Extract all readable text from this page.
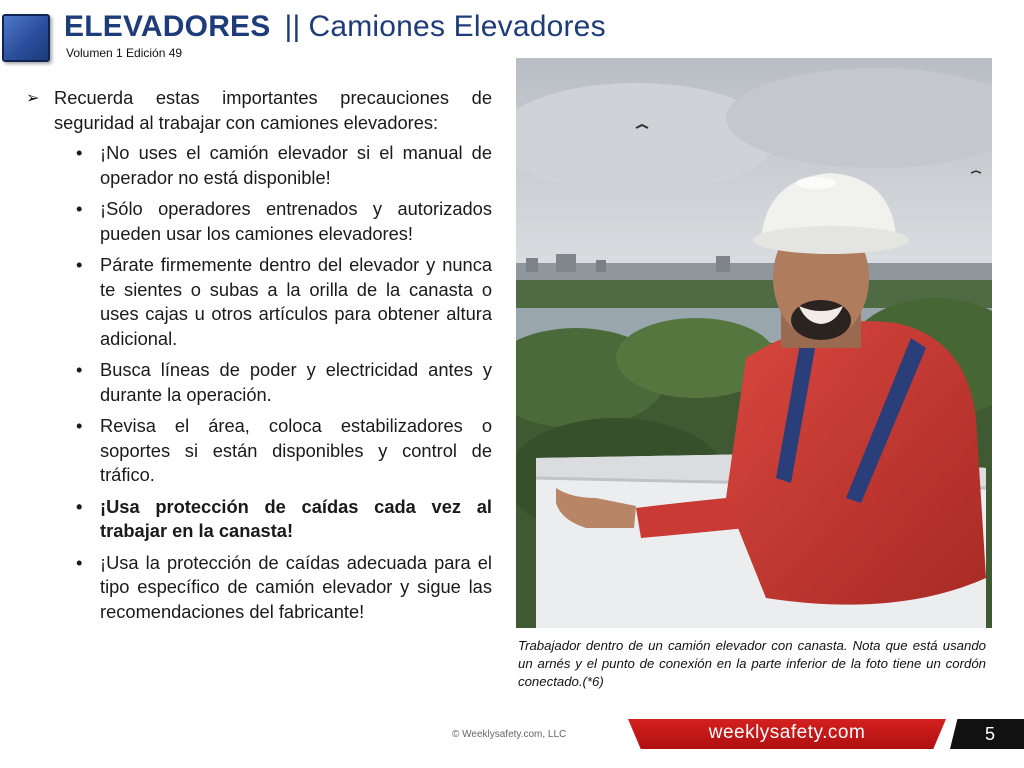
ELEVADORES || Camiones Elevadores
Volumen 1 Edición 49
➢ Recuerda estas importantes precauciones de seguridad al trabajar con camiones elevadores:
• ¡No uses el camión elevador si el manual de operador no está disponible!
• ¡Sólo operadores entrenados y autorizados pueden usar los camiones elevadores!
• Párate firmemente dentro del elevador y nunca te sientes o subas a la orilla de la canasta o uses cajas u otros artículos para obtener altura adicional.
• Busca líneas de poder y electricidad antes y durante la operación.
• Revisa el área, coloca estabilizadores o soportes si están disponibles y control de tráfico.
• ¡Usa protección de caídas cada vez al trabajar en la canasta!
• ¡Usa la protección de caídas adecuada para el tipo específico de camión elevador y sigue las recomendaciones del fabricante!
Trabajador dentro de un camión elevador con canasta. Nota que está usando un arnés y el punto de conexión en la parte inferior de la foto tiene un cordón conectado.(*6)
© Weeklysafety.com, LLC	weeklysafety.com	5
